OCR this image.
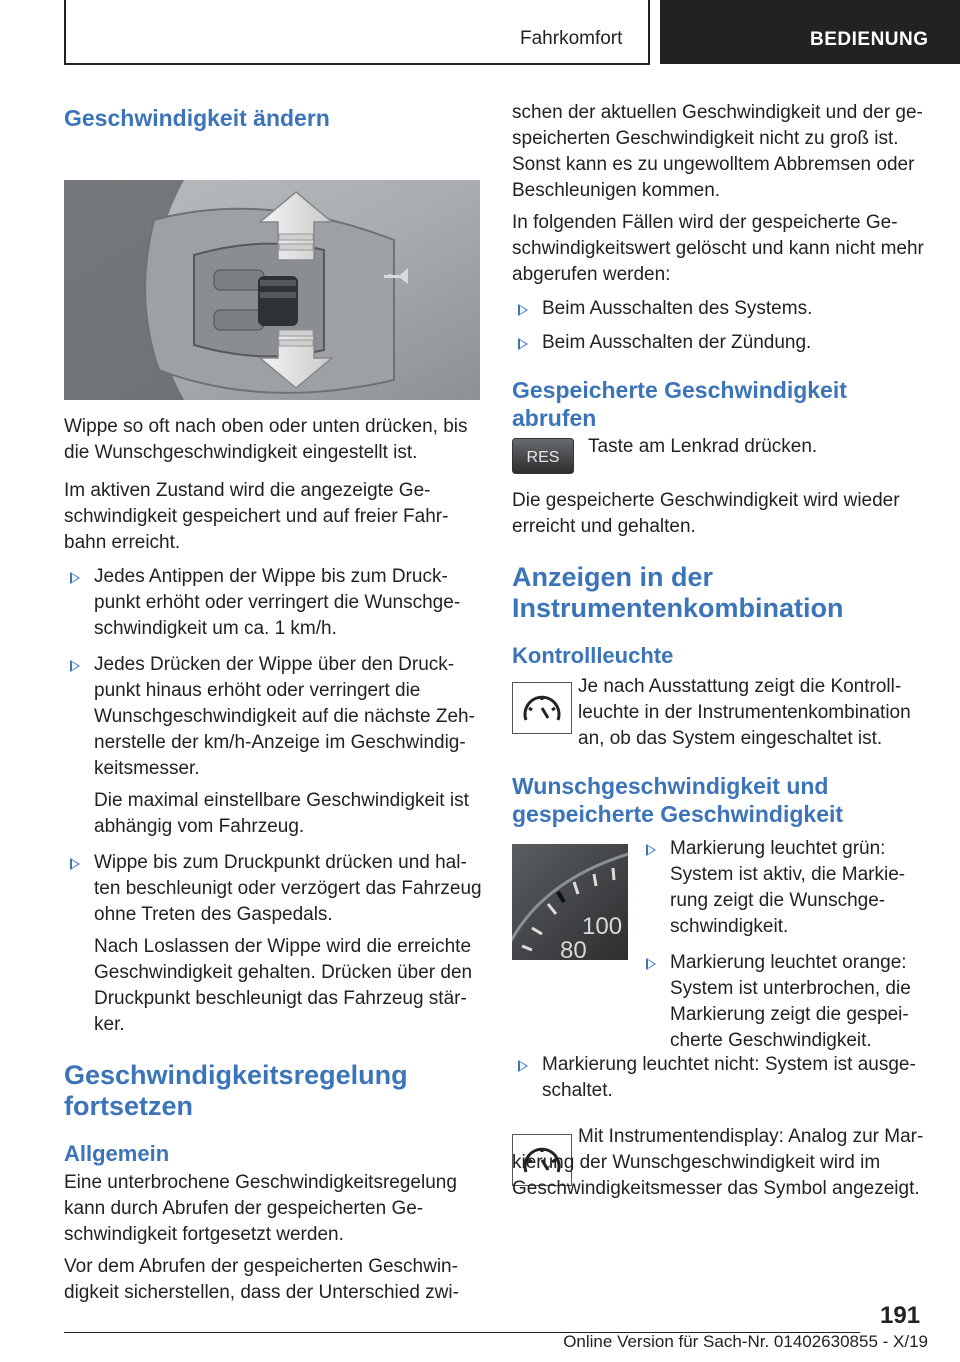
Fahrkomfort	BEDIENUNG
Geschwindigkeit ändern

Wippe so oft nach oben oder unten drücken, bis die Wunschgeschwindigkeit eingestellt ist.

Im aktiven Zustand wird die angezeigte Geschwindigkeit gespeichert und auf freier Fahrbahn erreicht.

Jedes Antippen der Wippe bis zum Druckpunkt erhöht oder verringert die Wunschgeschwindigkeit um ca. 1 km/h.

Jedes Drücken der Wippe über den Druckpunkt hinaus erhöht oder verringert die Wunschgeschwindigkeit auf die nächste Zehnerstelle der km/h-Anzeige im Geschwindigkeitsmesser.

Die maximal einstellbare Geschwindigkeit ist abhängig vom Fahrzeug.

Wippe bis zum Druckpunkt drücken und halten beschleunigt oder verzögert das Fahrzeug ohne Treten des Gaspedals.

Nach Loslassen der Wippe wird die erreichte Geschwindigkeit gehalten. Drücken über den Druckpunkt beschleunigt das Fahrzeug stärker.

Geschwindigkeitsregelung fortsetzen
Allgemein

Eine unterbrochene Geschwindigkeitsregelung kann durch Abrufen der gespeicherten Geschwindigkeit fortgesetzt werden.

Vor dem Abrufen der gespeicherten Geschwindigkeit sicherstellen, dass der Unterschied zwi-

schen der aktuellen Geschwindigkeit und der gespeicherten Geschwindigkeit nicht zu groß ist. Sonst kann es zu ungewolltem Abbremsen oder Beschleunigen kommen.

In folgenden Fällen wird der gespeicherte Geschwindigkeitswert gelöscht und kann nicht mehr abgerufen werden:

Beim Ausschalten des Systems.

Beim Ausschalten der Zündung.

Gespeicherte Geschwindigkeit abrufen
RES

Taste am Lenkrad drücken.

Die gespeicherte Geschwindigkeit wird wieder erreicht und gehalten.

Anzeigen in der Instrumentenkombination
Kontrollleuchte

Je nach Ausstattung zeigt die Kontrollleuchte in der Instrumentenkombination an, ob das System eingeschaltet ist.

Wunschgeschwindigkeit und gespeicherte Geschwindigkeit
100
80

Markierung leuchtet grün: System ist aktiv, die Markierung zeigt die Wunschgeschwindigkeit.

Markierung leuchtet orange: System ist unterbrochen, die Markierung zeigt die gespeicherte Geschwindigkeit.

Markierung leuchtet nicht: System ist ausgeschaltet.

Mit Instrumentendisplay: Analog zur Markierung der Wunschgeschwindigkeit wird im Geschwindigkeitsmesser das Symbol angezeigt.

191
Online Version für Sach-Nr. 01402630855 - X/19
